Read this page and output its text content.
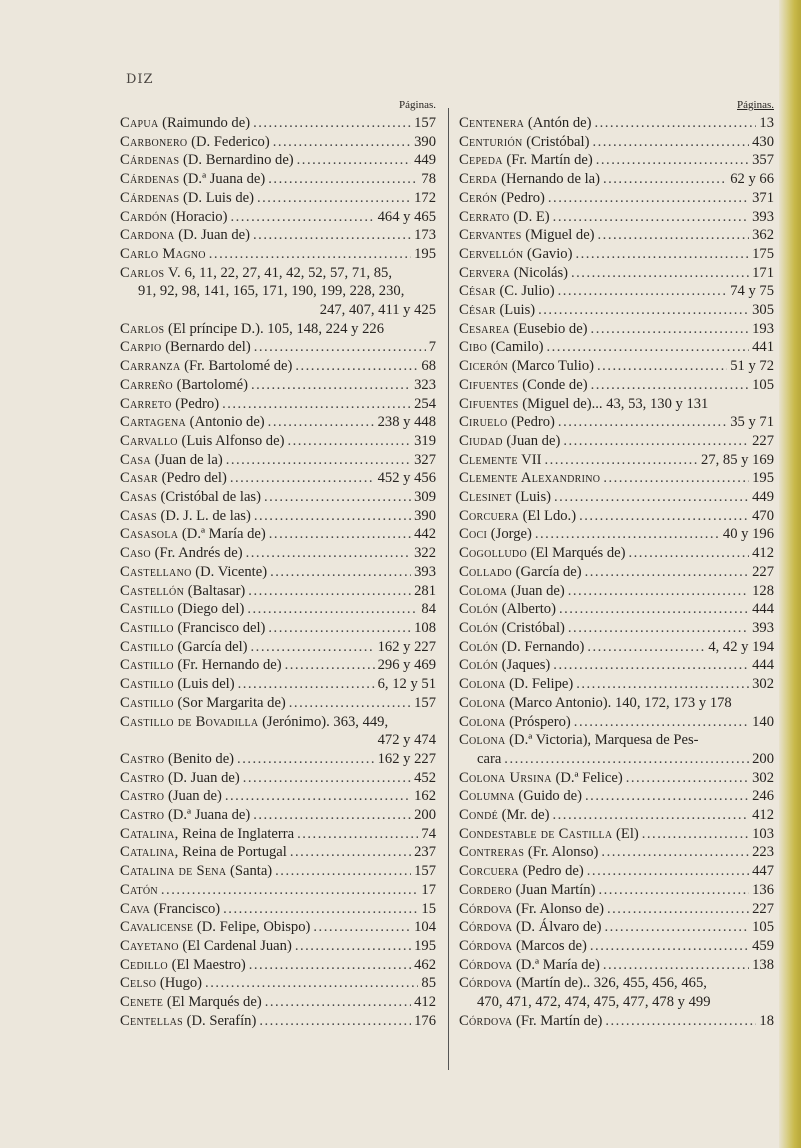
DIZ
Páginas.
Capua (Raimundo de) .....	157
Carbonero (D. Federico) .....	390
Cárdenas (D. Bernardino de) .....	449
Cárdenas (D.ª Juana de) .....	78
Cárdenas (D. Luis de) .....	172
Cardón (Horacio) .....	464 y 465
Cardona (D. Juan de) .....	173
Carlo Magno .....	195
Carlos V. 6, 11, 22, 27, 41, 42, 52, 57, 71, 85,
91, 92, 98, 141, 165, 171, 190, 199, 228, 230,
247, 407, 411 y 425
Carlos (El príncipe D.). 105, 148, 224 y 226
Carpio (Bernardo del) .....	7
Carranza (Fr. Bartolomé de) .....	68
Carreño (Bartolomé) .....	323
Carreto (Pedro) .....	254
Cartagena (Antonio de) .....	238 y 448
Carvallo (Luis Alfonso de) .....	319
Casa (Juan de la) .....	327
Casar (Pedro del) .....	452 y 456
Casas (Cristóbal de las) .....	309
Casas (D. J. L. de las) .....	390
Casasola (D.ª María de) .....	442
Caso (Fr. Andrés de) .....	322
Castellano (D. Vicente) .....	393
Castellón (Baltasar) .....	281
Castillo (Diego del) .....	84
Castillo (Francisco del) .....	108
Castillo (García del) .....	162 y 227
Castillo (Fr. Hernando de) .....	296 y 469
Castillo (Luis del) .....	6, 12 y 51
Castillo (Sor Margarita de) .....	157
Castillo de Bovadilla (Jerónimo). 363, 449,
472 y 474
Castro (Benito de) .....	162 y 227
Castro (D. Juan de) .....	452
Castro (Juan de) .....	162
Castro (D.ª Juana de) .....	200
Catalina, Reina de Inglaterra .....	74
Catalina, Reina de Portugal .....	237
Catalina de Sena (Santa) .....	157
Catón .....	17
Cava (Francisco) .....	15
Cavalicense (D. Felipe, Obispo) .....	104
Cayetano (El Cardenal Juan) .....	195
Cedillo (El Maestro) .....	462
Celso (Hugo) .....	85
Cenete (El Marqués de) .....	412
Centellas (D. Serafín) .....	176
Páginas.
Centenera (Antón de) .....	13
Centurión (Cristóbal) .....	430
Cepeda (Fr. Martín de) .....	357
Cerda (Hernando de la) .....	62 y 66
Cerón (Pedro) .....	371
Cerrato (D. E) .....	393
Cervantes (Miguel de) .....	362
Cervellón (Gavio) .....	175
Cervera (Nicolás) .....	171
César (C. Julio) .....	74 y 75
César (Luis) .....	305
Cesarea (Eusebio de) .....	193
Cibo (Camilo) .....	441
Cicerón (Marco Tulio) .....	51 y 72
Cifuentes (Conde de) .....	105
Cifuentes (Miguel de)... 43, 53, 130 y 131
Ciruelo (Pedro) .....	35 y 71
Ciudad (Juan de) .....	227
Clemente VII .....	27, 85 y 169
Clemente Alexandrino .....	195
Clesinet (Luis) .....	449
Corcuera (El Ldo.) .....	470
Coci (Jorge) .....	40 y 196
Cogolludo (El Marqués de) .....	412
Collado (García de) .....	227
Coloma (Juan de) .....	128
Colón (Alberto) .....	444
Colón (Cristóbal) .....	393
Colón (D. Fernando) .....	4, 42 y 194
Colón (Jaques) .....	444
Colona (D. Felipe) .....	302
Colona (Marco Antonio). 140, 172, 173 y 178
Colona (Próspero) .....	140
Colona (D.ª Victoria), Marquesa de Pes-
cara .....	200
Colona Ursina (D.ª Felice) .....	302
Columna (Guido de) .....	246
Condé (Mr. de) .....	412
Condestable de Castilla (El) .....	103
Contreras (Fr. Alonso) .....	223
Corcuera (Pedro de) .....	447
Cordero (Juan Martín) .....	136
Córdova (Fr. Alonso de) .....	227
Córdova (D. Álvaro de) .....	105
Córdova (Marcos de) .....	459
Córdova (D.ª María de) .....	138
Córdova (Martín de).. 326, 455, 456, 465,
470, 471, 472, 474, 475, 477, 478 y 499
Córdova (Fr. Martín de) .....	18
